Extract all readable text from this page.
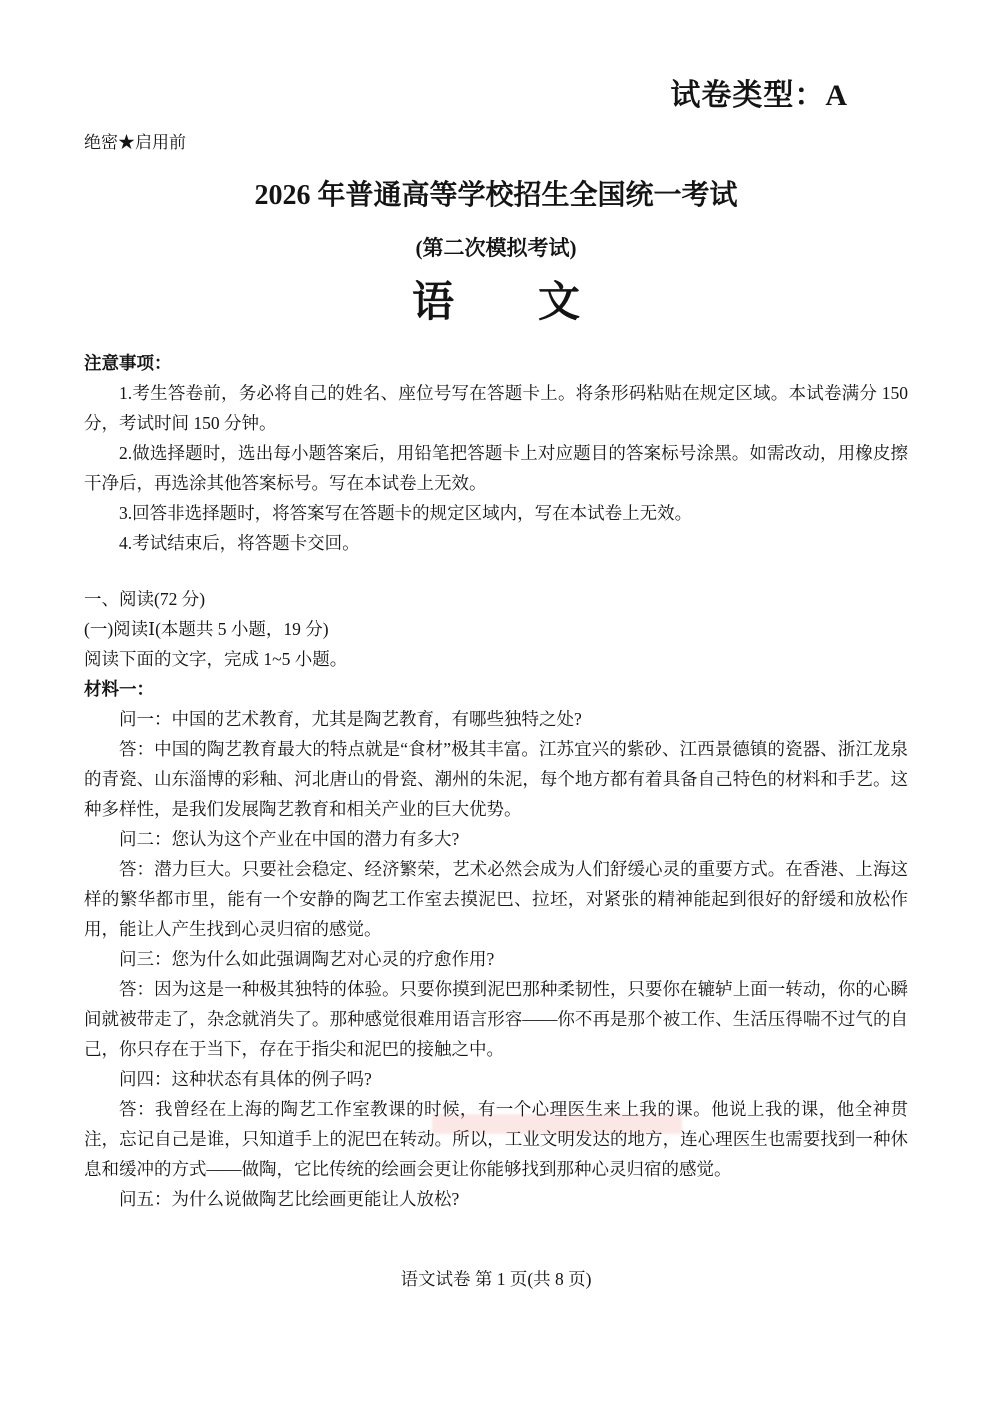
试卷类型：A
绝密★启用前
2026 年普通高等学校招生全国统一考试
(第二次模拟考试)
语　　文
注意事项：

1.考生答卷前，务必将自己的姓名、座位号写在答题卡上。将条形码粘贴在规定区域。本试卷满分 150 分，考试时间 150 分钟。

2.做选择题时，选出每小题答案后，用铅笔把答题卡上对应题目的答案标号涂黑。如需改动，用橡皮擦干净后，再选涂其他答案标号。写在本试卷上无效。

3.回答非选择题时，将答案写在答题卡的规定区域内，写在本试卷上无效。

4.考试结束后，将答题卡交回。

一、阅读(72 分)
(一)阅读Ⅰ(本题共 5 小题，19 分)
阅读下面的文字，完成 1~5 小题。
材料一：

问一：中国的艺术教育，尤其是陶艺教育，有哪些独特之处?

答：中国的陶艺教育最大的特点就是“食材”极其丰富。江苏宜兴的紫砂、江西景德镇的瓷器、浙江龙泉的青瓷、山东淄博的彩釉、河北唐山的骨瓷、潮州的朱泥，每个地方都有着具备自己特色的材料和手艺。这种多样性，是我们发展陶艺教育和相关产业的巨大优势。

问二：您认为这个产业在中国的潜力有多大?

答：潜力巨大。只要社会稳定、经济繁荣，艺术必然会成为人们舒缓心灵的重要方式。在香港、上海这样的繁华都市里，能有一个安静的陶艺工作室去摸泥巴、拉坯，对紧张的精神能起到很好的舒缓和放松作用，能让人产生找到心灵归宿的感觉。

问三：您为什么如此强调陶艺对心灵的疗愈作用?

答：因为这是一种极其独特的体验。只要你摸到泥巴那种柔韧性，只要你在辘轳上面一转动，你的心瞬间就被带走了，杂念就消失了。那种感觉很难用语言形容——你不再是那个被工作、生活压得喘不过气的自己，你只存在于当下，存在于指尖和泥巴的接触之中。

问四：这种状态有具体的例子吗?

答：我曾经在上海的陶艺工作室教课的时候，有一个心理医生来上我的课。他说上我的课，他全神贯注，忘记自己是谁，只知道手上的泥巴在转动。所以，工业文明发达的地方，连心理医生也需要找到一种休息和缓冲的方式——做陶，它比传统的绘画会更让你能够找到那种心灵归宿的感觉。

问五：为什么说做陶艺比绘画更能让人放松?

语文试卷 第 1 页(共 8 页)
